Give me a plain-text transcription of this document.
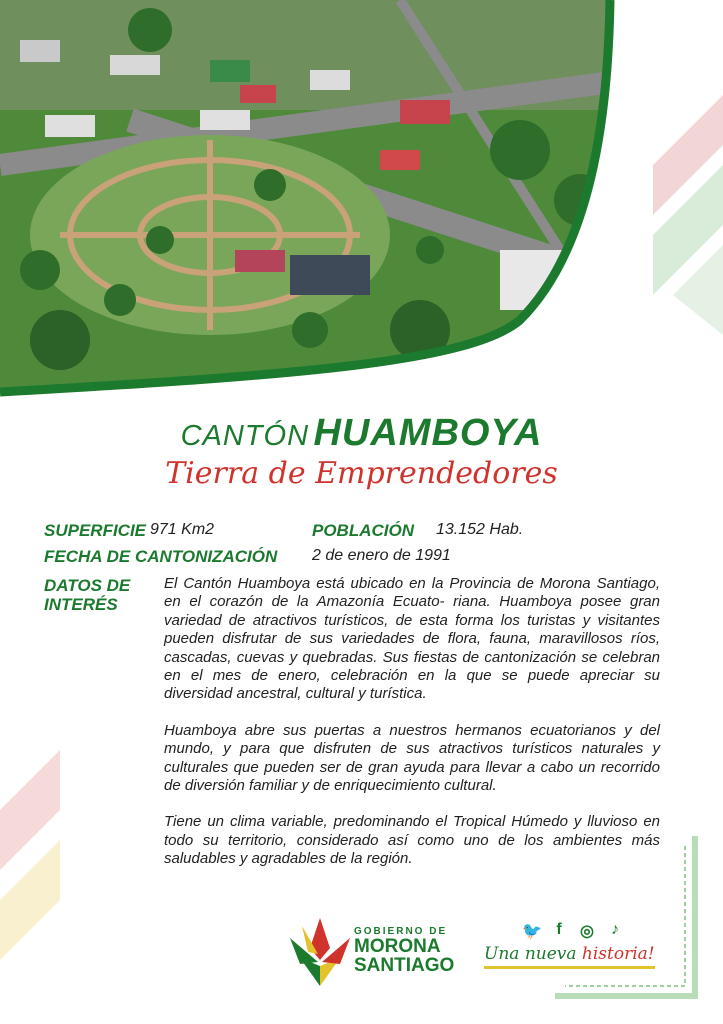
CANTÓN HUAMBOYA
Tierra de Emprendedores
SUPERFICIE 971 Km2	POBLACIÓN 13.152 Hab.
FECHA DE CANTONIZACIÓN 2 de enero de 1991
DATOS DE
INTERÉS

El Cantón Huamboya está ubicado en la Provincia de Morona Santiago, en el corazón de la Amazonía Ecuato- riana. Huamboya posee gran variedad de atractivos turísticos, de esta forma los turistas y visitantes pueden disfrutar de sus variedades de flora, fauna, maravillosos ríos, cascadas, cuevas y quebradas. Sus fiestas de cantonización se celebran en el mes de enero, celebración en la que se puede apreciar su diversidad ancestral, cultural y turística.

Huamboya abre sus puertas a nuestros hermanos ecuatorianos y del mundo, y para que disfruten de sus atractivos turísticos naturales y culturales que pueden ser de gran ayuda para llevar a cabo un recorrido de diversión familiar y de enriquecimiento cultural.

Tiene un clima variable, predominando el Tropical Húmedo y lluvioso en todo su territorio, considerado así como uno de los ambientes más saludables y agradables de la región.

GOBIERNO DE
MORONA
SANTIAGO
🐦 f	◎	♪
Una nueva historia!
